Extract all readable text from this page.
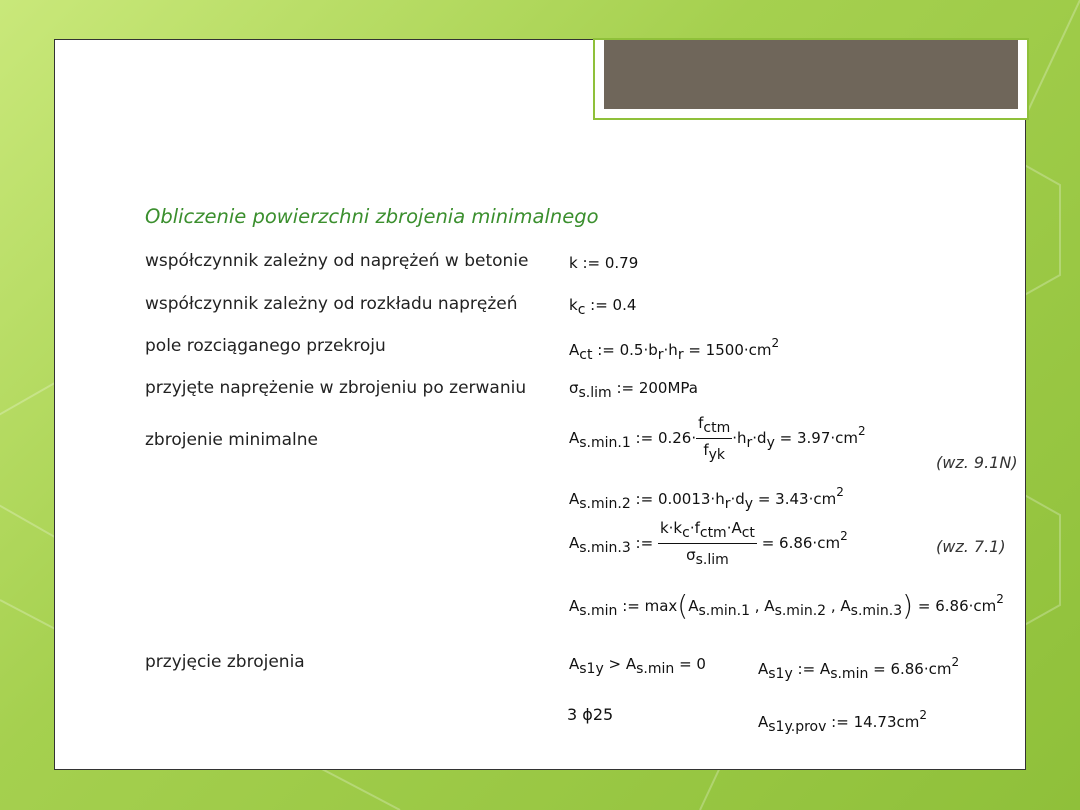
Obliczenie powierzchni zbrojenia minimalnego
współczynnik zależny od naprężeń w betonie
współczynnik zależny od rozkładu naprężeń
pole rozciąganego przekroju
przyjęte naprężenie w zbrojeniu po zerwaniu
zbrojenie minimalne
przyjęcie zbrojenia
k := 0.79
$k_c$ := 0.4
$A_{ct}$ := $0.5\cdot b_r\cdot h_r = 1500\cdot cm^2$
$\sigma_{s.lim}$ := 200MPa
$A_{s.min.1}$ := $0.26\cdot \frac{f_{ctm}}{f_{yk}} \cdot h_r\cdot d_y = 3.97\cdot cm^2$
(wz. 9.1N)
$A_{s.min.2}$ := $0.0013\cdot h_r\cdot d_y = 3.43\cdot cm^2$
$A_{s.min.3}$ := $\frac{k\cdot k_c\cdot f_{ctm}\cdot A_{ct}}{\sigma_{s.lim}} = 6.86\cdot cm^2$
(wz. 7.1)
$A_{s.min}$ := $\max(A_{s.min.1}$ , $A_{s.min.2}$ , $A_{s.min.3}) = 6.86\cdot cm^2$
$A_{s1y} > A_{s.min} = 0$	$A_{s1y}$ := $A_{s.min} = 6.86\cdot cm^2$
3 ϕ25	$A_{s1y.prov}$ := $14.73cm^2$
